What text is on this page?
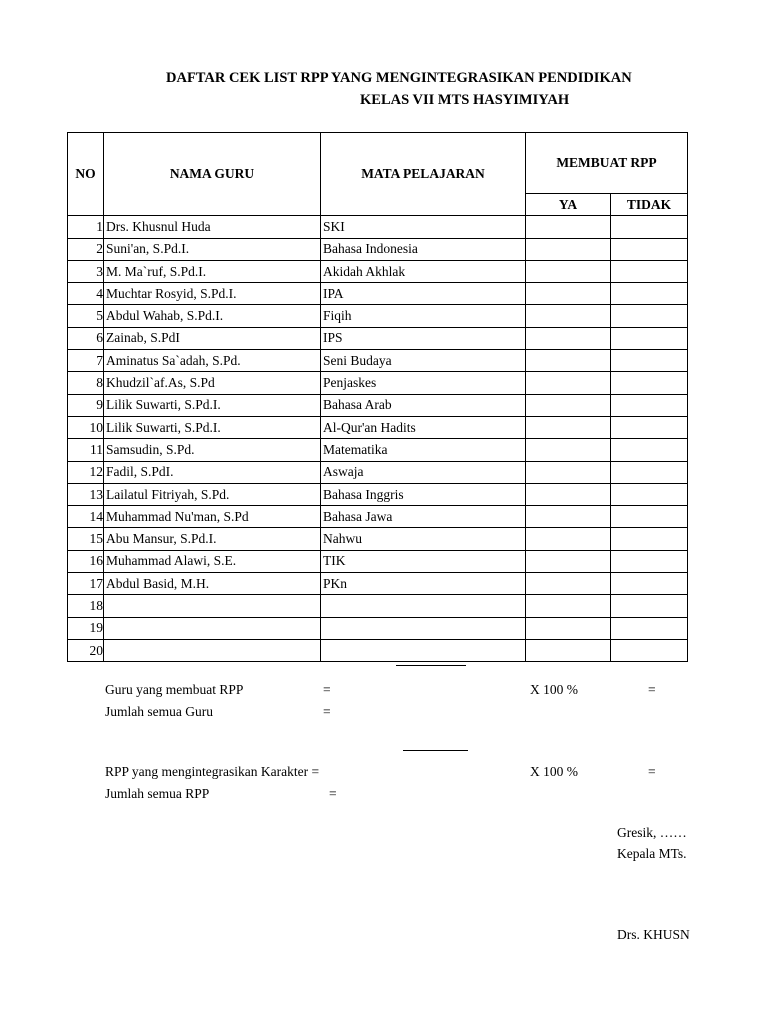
DAFTAR CEK LIST RPP YANG MENGINTEGRASIKAN PENDIDIKAN
KELAS VII MTS HASYIMIYAH
NO	NAMA GURU	MATA PELAJARAN	MEMBUAT RPP	
			YA	TIDAK
1	Drs. Khusnul Huda	SKI		
2	Suni'an, S.Pd.I.	Bahasa Indonesia		
3	M. Ma`ruf, S.Pd.I.	Akidah Akhlak		
4	Muchtar Rosyid, S.Pd.I.	IPA		
5	Abdul Wahab, S.Pd.I.	Fiqih		
6	Zainab, S.PdI	IPS		
7	Aminatus Sa`adah, S.Pd.	Seni Budaya		
8	Khudzil`af.As, S.Pd	Penjaskes		
9	Lilik Suwarti, S.Pd.I.	Bahasa Arab		
10	Lilik Suwarti, S.Pd.I.	Al-Qur'an Hadits		
11	Samsudin, S.Pd.	Matematika		
12	Fadil, S.PdI.	Aswaja		
13	Lailatul Fitriyah, S.Pd.	Bahasa Inggris		
14	Muhammad Nu'man, S.Pd	Bahasa Jawa		
15	Abu Mansur, S.Pd.I.	Nahwu		
16	Muhammad Alawi, S.E.	TIK		
17	Abdul Basid, M.H.	PKn		
18				
19				
20				
Guru yang membuat RPP	=
Jumlah semua Guru	=
X 100 %	=
RPP yang mengintegrasikan Karakter =
Jumlah semua RPP	=
X 100 %	=
Gresik, ……
Kepala MTs.
Drs. KHUSN
